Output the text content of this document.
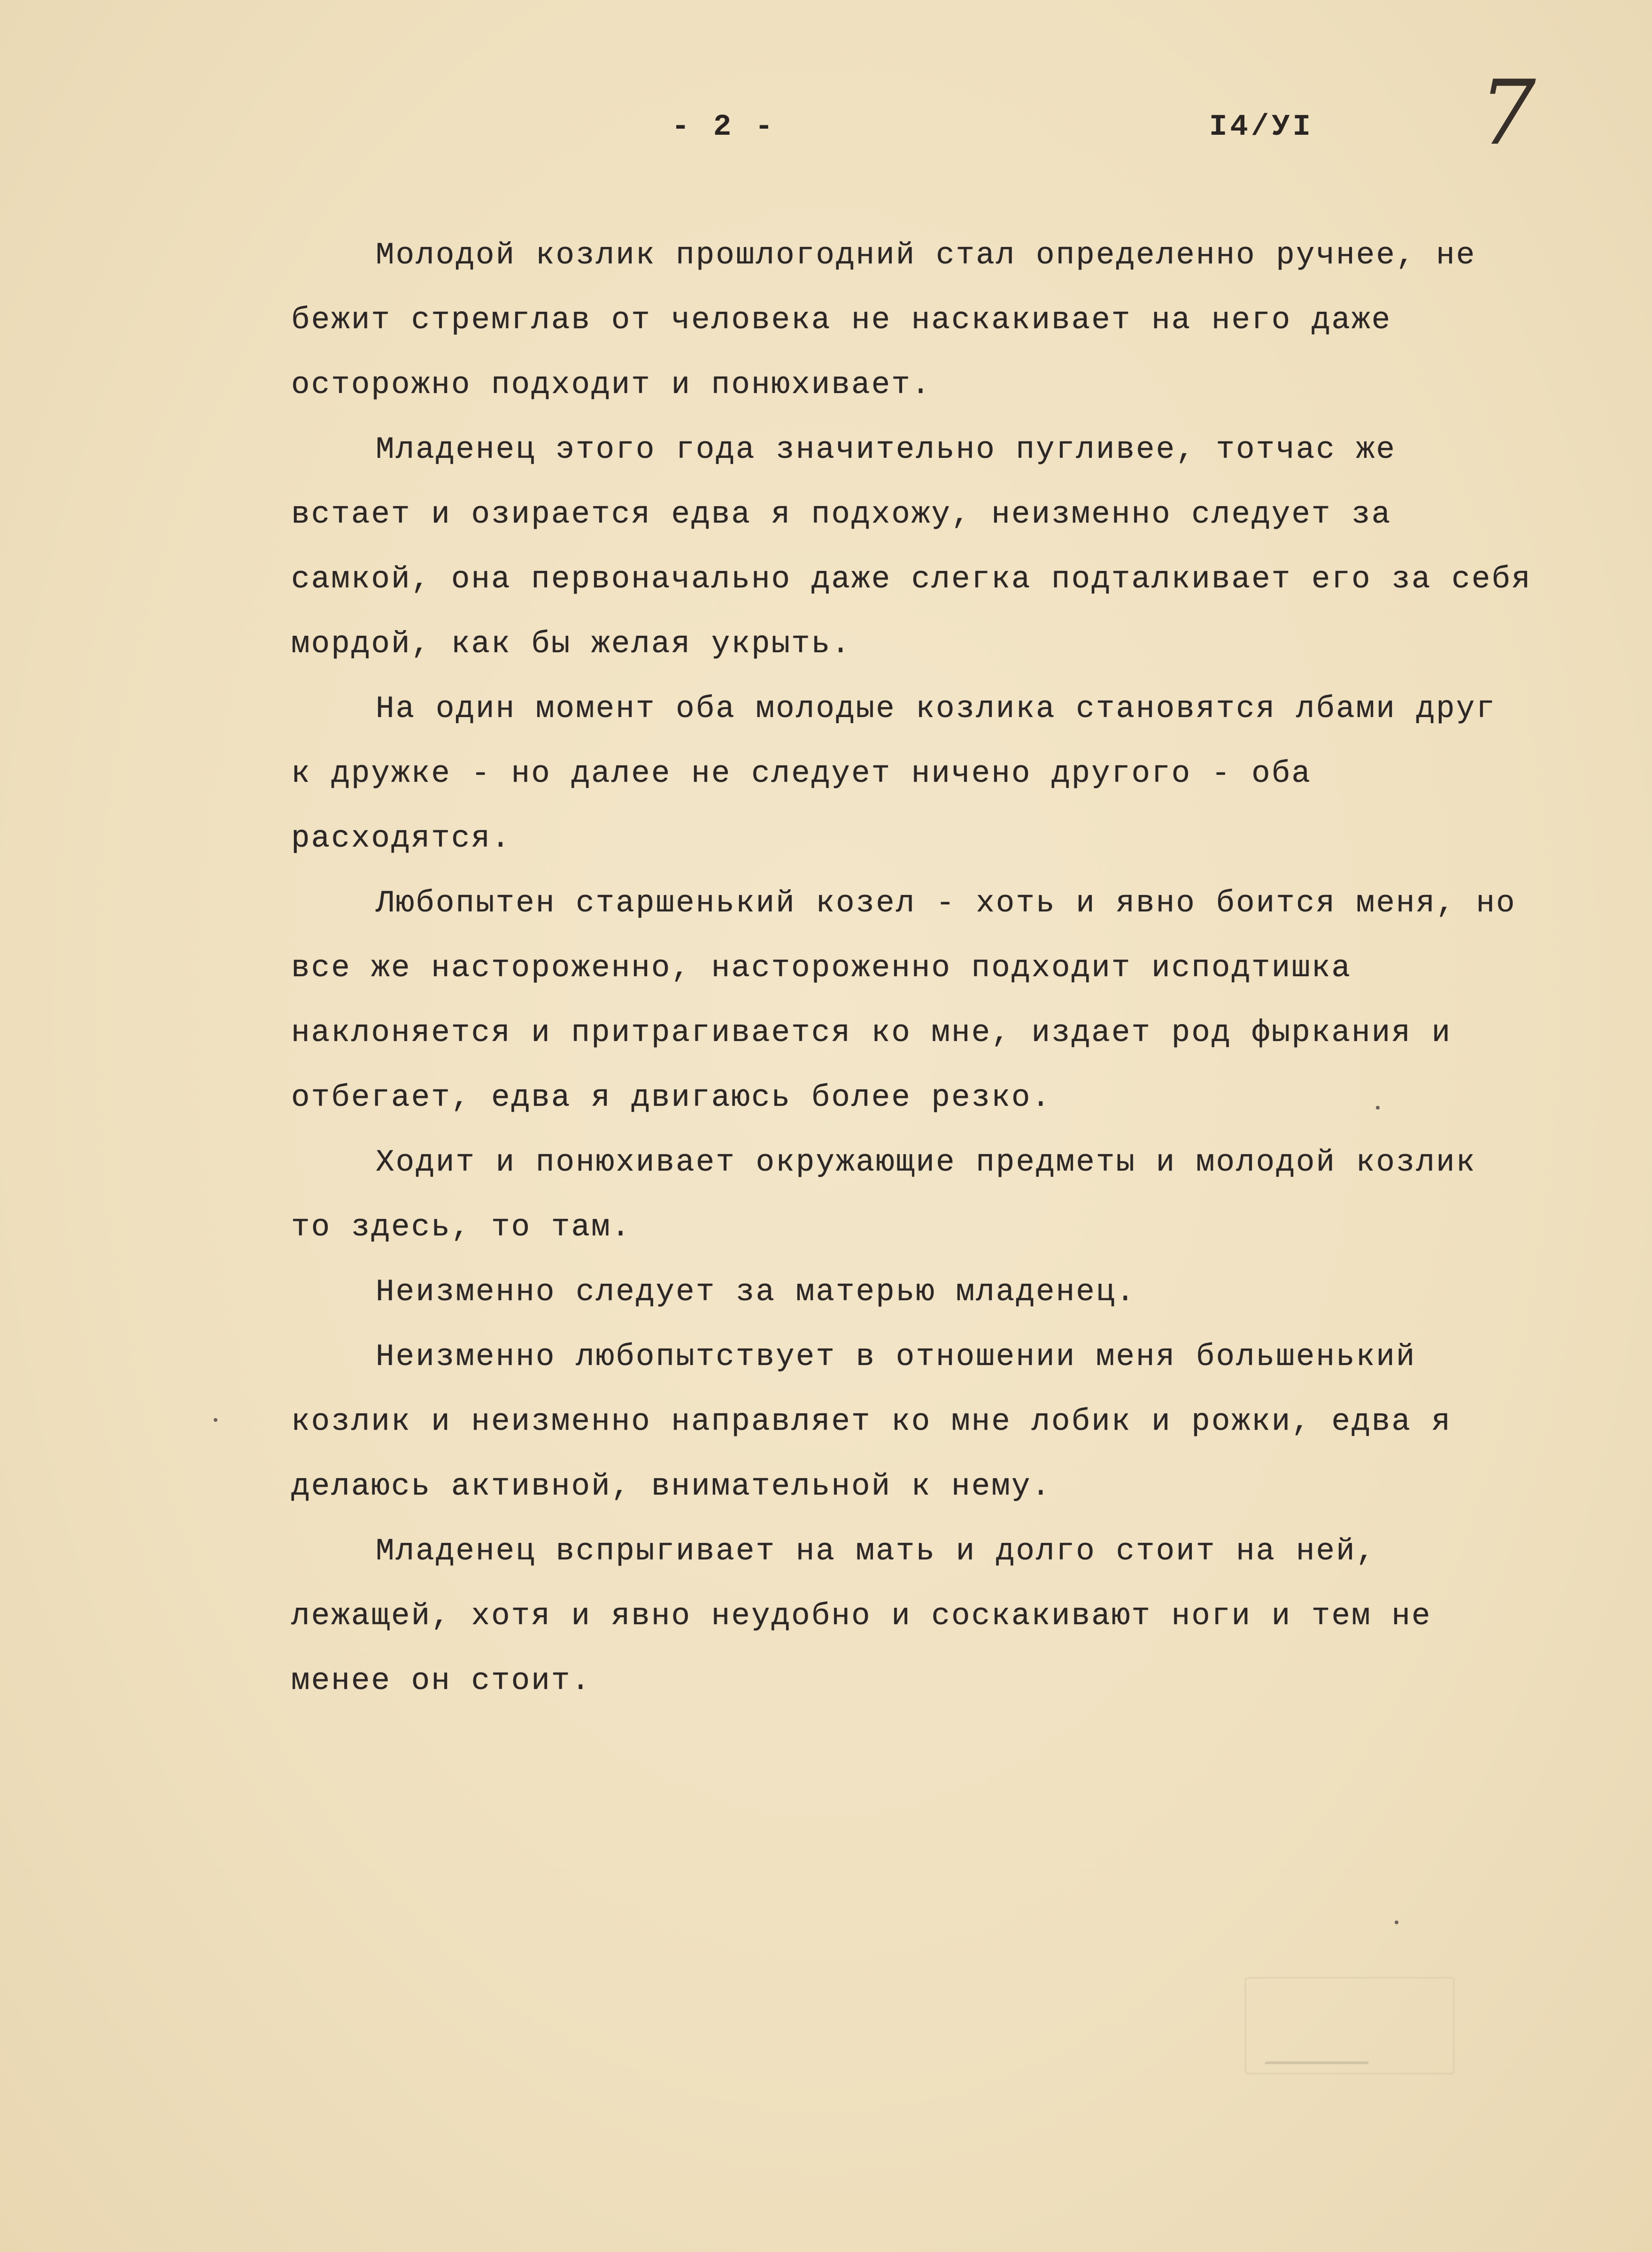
- 2 -	I4/УI 7

Молодой козлик прошлогодний стал определенно ручнее, не бежит стремглав от человека не наскакивает на него даже осторожно подходит и понюхивает.

Младенец этого года значительно пугливее, тотчас же встает и озирается едва я подхожу, неизменно следует за самкой, она первоначально даже слегка подталкивает его за себя мордой, как бы желая укрыть.

На один момент оба молодые козлика становятся лбами друг к дружке - но далее не следует ничено другого - оба расходятся.

Любопытен старшенький козел - хоть и явно боится меня, но все же настороженно, настороженно подходит исподтишка наклоняется и притрагивается ко мне, издает род фыркания и отбегает, едва я двигаюсь более резко.

Ходит и понюхивает окружающие предметы и молодой козлик то здесь, то там.

Неизменно следует за матерью младенец.

Неизменно любопытствует в отношении меня большенький козлик и неизменно направляет ко мне лобик и рожки, едва я делаюсь активной, внимательной к нему.

Младенец вспрыгивает на мать и долго стоит на ней, лежащей, хотя и явно неудобно и соскакивают ноги и тем не менее он стоит.
